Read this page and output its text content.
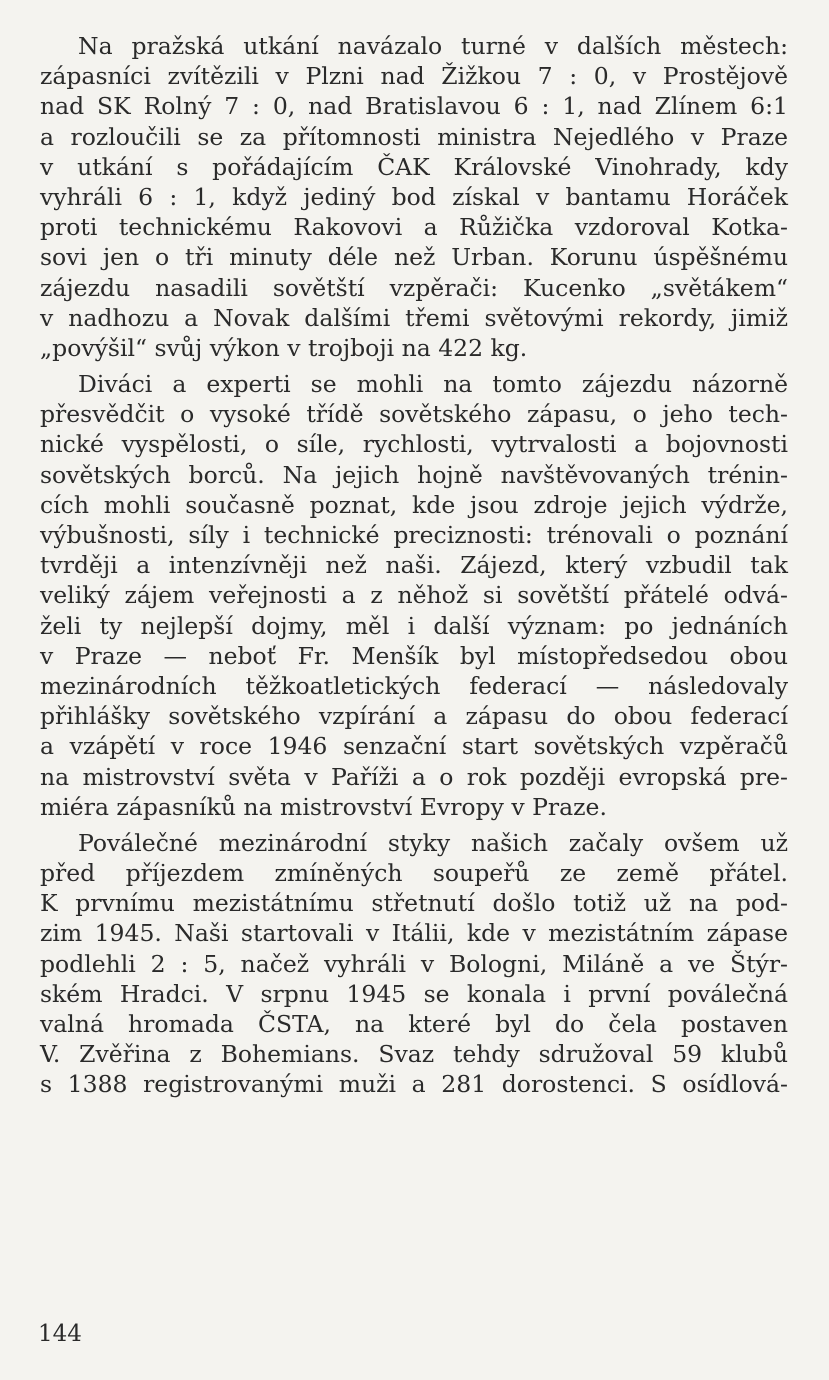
Na pražská utkání navázalo turné v dalších městech:
zápasníci zvítězili v Plzni nad Žižkou 7 : 0, v Prostějově
nad SK Rolný 7 : 0, nad Bratislavou 6 : 1, nad Zlínem 6:1
a rozloučili se za přítomnosti ministra Nejedlého v Praze
v utkání s pořádajícím ČAK Královské Vinohrady, kdy
vyhráli 6 : 1, když jediný bod získal v bantamu Horáček
proti technickému Rakovovi a Růžička vzdoroval Kotka-
sovi jen o tři minuty déle než Urban. Korunu úspěšnému
zájezdu nasadili sovětští vzpěrači: Kucenko „světákem“
v nadhozu a Novak dalšími třemi světovými rekordy, jimiž
„povýšil“ svůj výkon v trojboji na 422 kg.
Diváci a experti se mohli na tomto zájezdu názorně
přesvědčit o vysoké třídě sovětského zápasu, o jeho tech-
nické vyspělosti, o síle, rychlosti, vytrvalosti a bojovnosti
sovětských borců. Na jejich hojně navštěvovaných trénin-
cích mohli současně poznat, kde jsou zdroje jejich výdrže,
výbušnosti, síly i technické preciznosti: trénovali o poznání
tvrději a intenzívněji než naši. Zájezd, který vzbudil tak
veliký zájem veřejnosti a z něhož si sovětští přátelé odvá-
želi ty nejlepší dojmy, měl i další význam: po jednáních
v Praze — neboť Fr. Menšík byl místopředsedou obou
mezinárodních těžkoatletických federací — následovaly
přihlášky sovětského vzpírání a zápasu do obou federací
a vzápětí v roce 1946 senzační start sovětských vzpěračů
na mistrovství světa v Paříži a o rok později evropská pre-
miéra zápasníků na mistrovství Evropy v Praze.
Poválečné mezinárodní styky našich začaly ovšem už
před příjezdem zmíněných soupeřů ze země přátel.
K prvnímu mezistátnímu střetnutí došlo totiž už na pod-
zim 1945. Naši startovali v Itálii, kde v mezistátním zápase
podlehli 2 : 5, načež vyhráli v Bologni, Miláně a ve Štýr-
ském Hradci. V srpnu 1945 se konala i první poválečná
valná hromada ČSTA, na které byl do čela postaven
V. Zvěřina z Bohemians. Svaz tehdy sdružoval 59 klubů
s 1388 registrovanými muži a 281 dorostenci. S osídlová-
144
